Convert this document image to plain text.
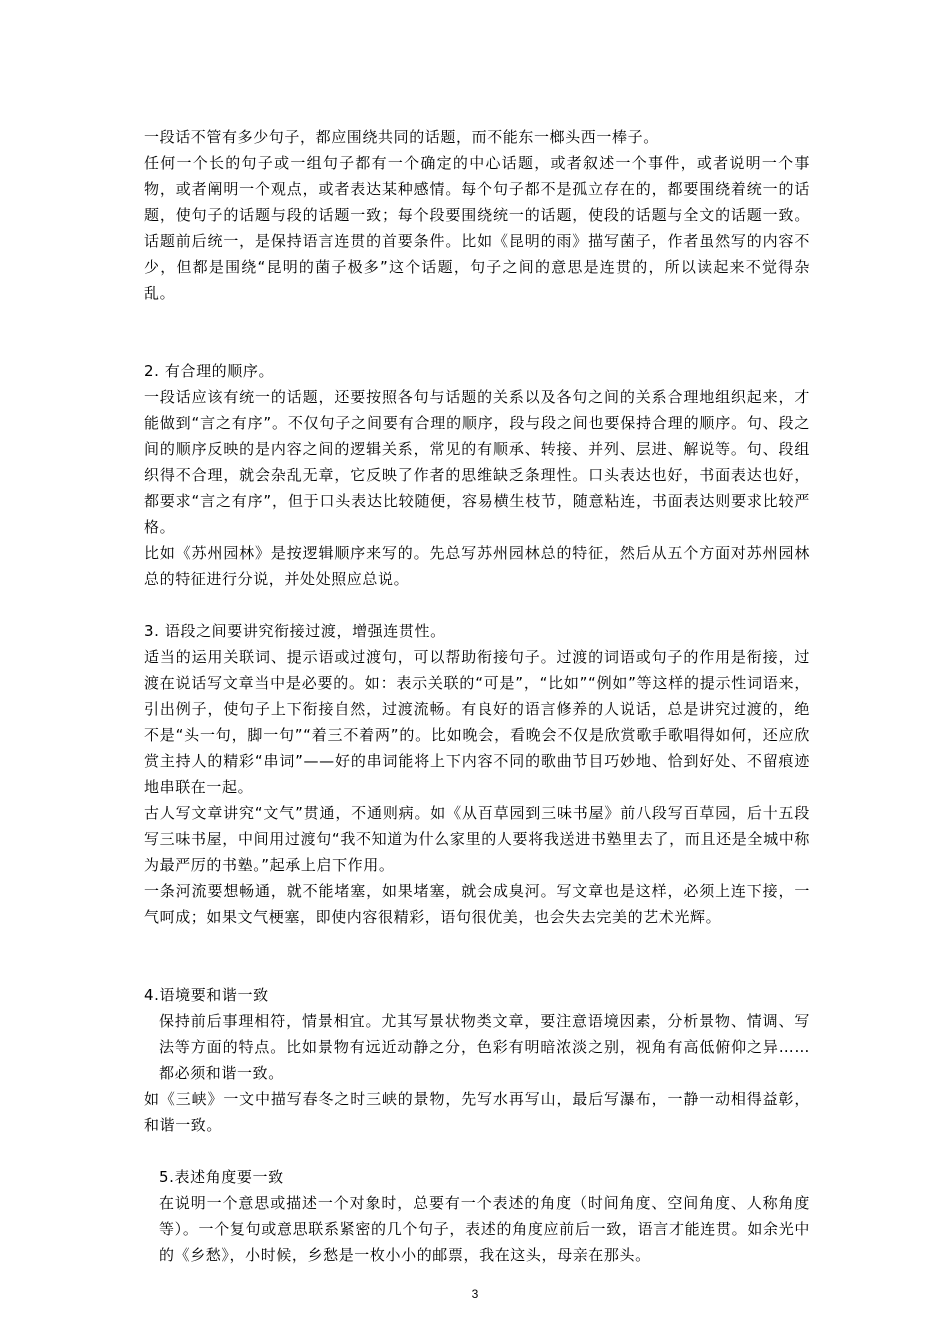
一段话不管有多少句子，都应围绕共同的话题，而不能东一榔头西一棒子。

任何一个长的句子或一组句子都有一个确定的中心话题，或者叙述一个事件，或者说明一个事物，或者阐明一个观点，或者表达某种感情。每个句子都不是孤立存在的，都要围绕着统一的话题，使句子的话题与段的话题一致；每个段要围绕统一的话题，使段的话题与全文的话题一致。话题前后统一，是保持语言连贯的首要条件。比如《昆明的雨》描写菌子，作者虽然写的内容不少，但都是围绕“昆明的菌子极多”这个话题，句子之间的意思是连贯的，所以读起来不觉得杂乱。

2. 有合理的顺序。

一段话应该有统一的话题，还要按照各句与话题的关系以及各句之间的关系合理地组织起来，才能做到“言之有序”。不仅句子之间要有合理的顺序，段与段之间也要保持合理的顺序。句、段之间的顺序反映的是内容之间的逻辑关系，常见的有顺承、转接、并列、层进、解说等。句、段组织得不合理，就会杂乱无章，它反映了作者的思维缺乏条理性。口头表达也好，书面表达也好，都要求“言之有序”，但于口头表达比较随便，容易横生枝节，随意粘连，书面表达则要求比较严格。

比如《苏州园林》是按逻辑顺序来写的。先总写苏州园林总的特征，然后从五个方面对苏州园林总的特征进行分说，并处处照应总说。

3. 语段之间要讲究衔接过渡，增强连贯性。

适当的运用关联词、提示语或过渡句，可以帮助衔接句子。过渡的词语或句子的作用是衔接，过渡在说话写文章当中是必要的。如：表示关联的“可是”，“比如”“例如”等这样的提示性词语来，引出例子，使句子上下衔接自然，过渡流畅。有良好的语言修养的人说话，总是讲究过渡的，绝不是“头一句，脚一句”“着三不着两”的。比如晚会，看晚会不仅是欣赏歌手歌唱得如何，还应欣赏主持人的精彩“串词”——好的串词能将上下内容不同的歌曲节目巧妙地、恰到好处、不留痕迹地串联在一起。

古人写文章讲究“文气”贯通，不通则病。如《从百草园到三味书屋》前八段写百草园，后十五段写三味书屋，中间用过渡句“我不知道为什么家里的人要将我送进书塾里去了，而且还是全城中称为最严厉的书塾。”起承上启下作用。

一条河流要想畅通，就不能堵塞，如果堵塞，就会成臭河。写文章也是这样，必须上连下接，一气呵成；如果文气梗塞，即使内容很精彩，语句很优美，也会失去完美的艺术光辉。

4.语境要和谐一致

保持前后事理相符，情景相宜。尤其写景状物类文章，要注意语境因素，分析景物、情调、写法等方面的特点。比如景物有远近动静之分，色彩有明暗浓淡之别，视角有高低俯仰之异……都必须和谐一致。

如《三峡》一文中描写春冬之时三峡的景物，先写水再写山，最后写瀑布，一静一动相得益彰，和谐一致。

5.表述角度要一致

在说明一个意思或描述一个对象时，总要有一个表述的角度（时间角度、空间角度、人称角度等）。一个复句或意思联系紧密的几个句子，表述的角度应前后一致，语言才能连贯。如余光中的《乡愁》，小时候，乡愁是一枚小小的邮票，我在这头，母亲在那头。

3
